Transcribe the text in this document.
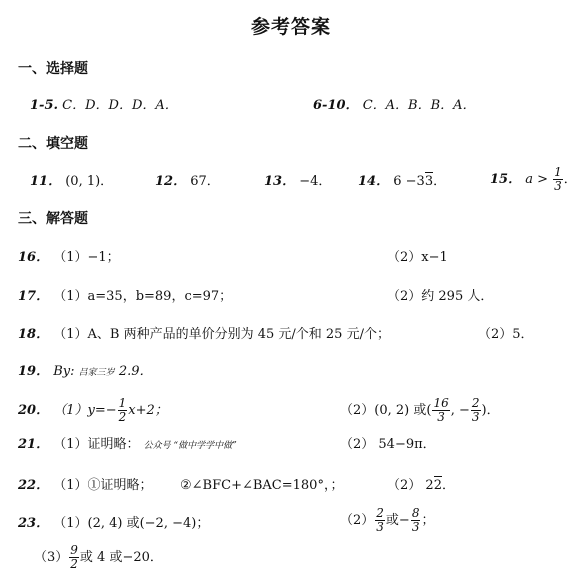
参考答案
一、选择题
1-5. C．D．D．D．A．	6-10． C．A．B．B．A．
二、填空题
11． (0, 1)．	12． 67．	13． −4． 14． 6 −33．	15． $a > \frac{1}{3}$ ．
三、解答题
16． （1）−1；	（2）x−1
17． （1）a=35，b=89，c=97；	（2）约 295 人．
18． （1）A、B 两种产品的单价分别为 45 元/个和 25 元/个；	（2）5．
19． By: 吕家三岁 2.9．
20． $(1)y=- \frac{1}{2} x+2$；	（2）(0, 2) 或( $\frac{16}{3}$ , − $\frac{2}{3}$ )．
21． （1）证明略： 公众号 “做中学学中做”	（2） 54−9π．
22． （1）①证明略； ②∠BFC+∠BAC=180°，；	（2） 22．
23． （1）(2, 4) 或(−2, −4)；	$(2) \frac{2}{3}$ 或− $\frac{8}{3}$ ；
$(3) \frac{9}{2}$ 或 4 或−20．
